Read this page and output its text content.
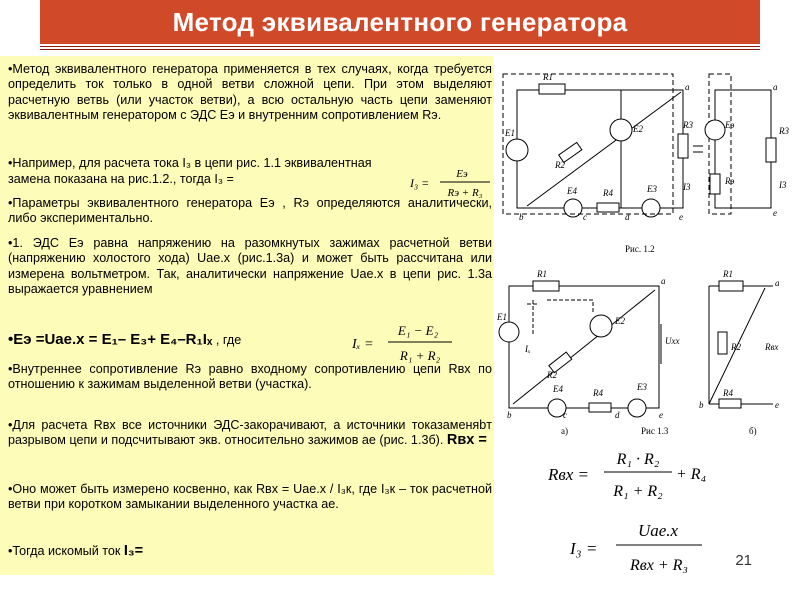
Метод эквивалентного генератора
•Метод эквивалентного генератора применяется в тех случаях, когда требуется определить ток только в одной ветви сложной цепи. При этом выделяют расчетную ветвь (или участок ветви), а всю остальную часть цепи заменяют эквивалентным генератором с ЭДС Eэ и внутренним сопротивлением Rэ.
•Например, для расчета тока I₃ в цепи рис. 1.1 эквивалентная
замена показана на рис.1.2., тогда I₃ =
•Параметры эквивалентного генератора Eэ , Rэ определяются аналитически, либо экспериментально.
•1. ЭДС Eэ равна напряжению на разомкнутых зажимах расчетной ветви (напряжению холостого хода) Uae.x (рис.1.3а) и может быть рассчитана или измерена вольтметром. Так, аналитически напряжение Uae.x в цепи рис. 1.3а выражается уравнением
•Eэ =Uae.x = E₁– E₃+ E₄–R₁Iₓ , где
•Внутреннее сопротивление Rэ равно входному сопротивлению цепи Rвх по отношению к зажимам выделенной ветви (участка).
•Для расчета Rвх все источники ЭДС-закорачивают, а источники токазаменяbт разрывом цепи и подсчитывают экв. относительно зажимов ae (рис. 1.3б). Rвх =
•Оно может быть измерено косвенно, как Rвх = Uae.x / I₃к, где I₃к – ток расчетной ветви при коротком замыкании выделенного участка ae.
•Тогда искомый ток I₃=
I₃ =
Eэ
Rэ + R₃
Iₓ =
E₁ − E₂
R₁ + R₂
R1
E1	E2
R2
E4	R4	E3
R3
I3
a
b	c	d	e
Eэ
Rэ
R3
I3
a
e
Рис. 1.2
R1
E1
Iₓ
E2
R2
E4	R4
E3
Uхх
a
b	c	d	e
R1
R2
R4
Rвх
a
e
b
а)	Рис 1.3	б)
Rвх =
R₁ · R₂
R₁ + R₂
+ R₄
I₃ =
Uae.x
Rвх + R₃	21
